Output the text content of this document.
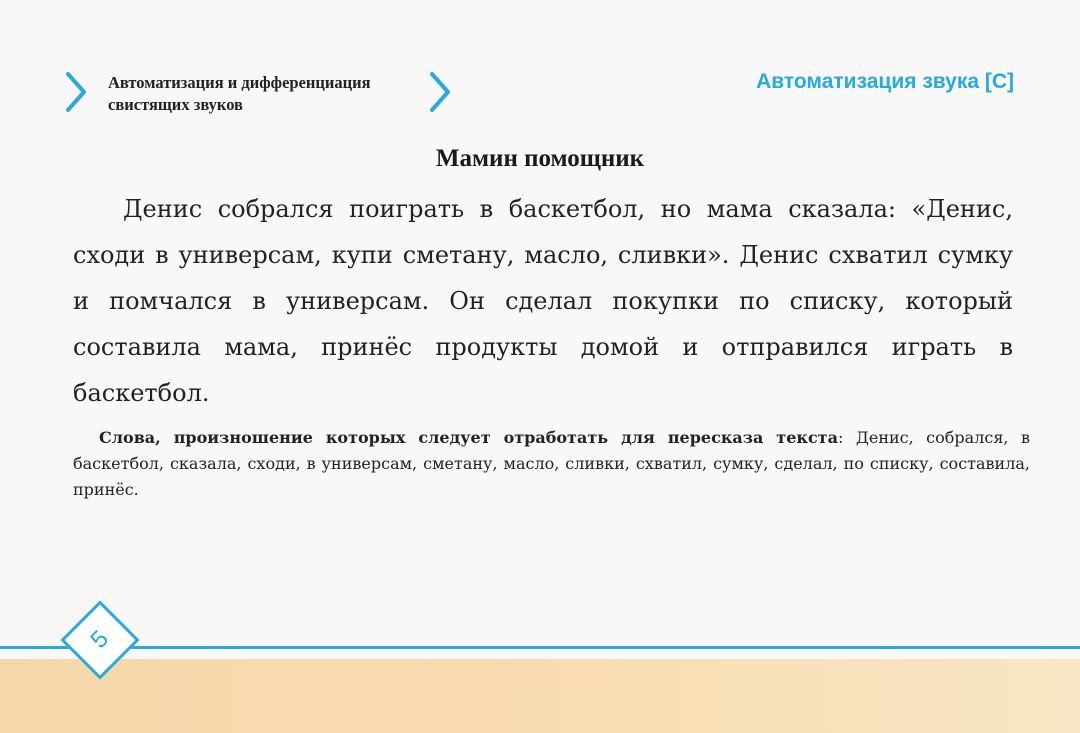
Автоматизация и дифференциация свистящих звуков
Автоматизация звука [С]
Мамин помощник

Денис собрался поиграть в баскетбол, но мама сказала: «Денис, сходи в универсам, купи сметану, масло, сливки». Денис схватил сумку и помчался в универсам. Он сделал покупки по списку, который составила мама, принёс продукты домой и отправился играть в баскетбол.

Слова, произношение которых следует отработать для пересказа текста: Денис, собрался, в баскетбол, сказала, сходи, в универсам, сметану, масло, сливки, схватил, сумку, сделал, по списку, составила, принёс.

5
